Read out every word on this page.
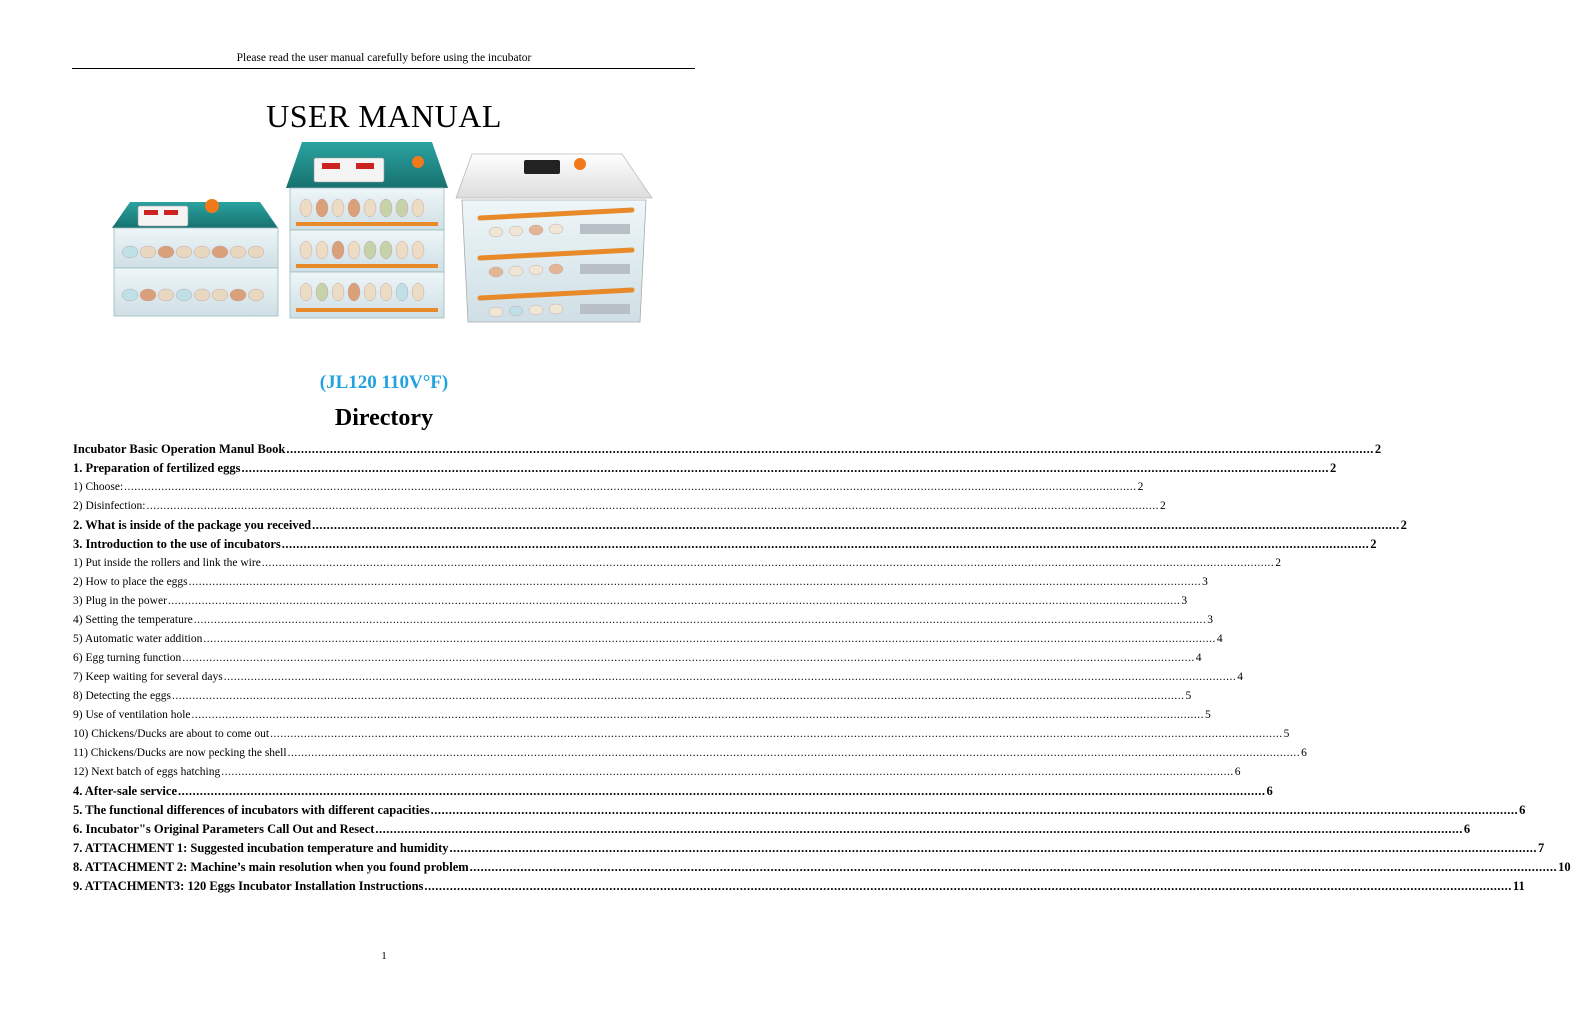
Please read the user manual carefully before using the incubator
USER MANUAL
(JL120 110V°F)
Directory
Incubator Basic Operation Manul Book ............................................................................................................................................................................................................................................................................................................ 2
1. Preparation of fertilized eggs ............................................................................................................................................................................................................................................................................................................ 2
1) Choose: ............................................................................................................................................................................................................................................................................................................ 2
2) Disinfection: ............................................................................................................................................................................................................................................................................................................ 2
2. What is inside of the package you received ............................................................................................................................................................................................................................................................................................................ 2
3. Introduction to the use of incubators ............................................................................................................................................................................................................................................................................................................ 2
1) Put inside the rollers and link the wire ............................................................................................................................................................................................................................................................................................................ 2
2) How to place the eggs ............................................................................................................................................................................................................................................................................................................ 3
3) Plug in the power ............................................................................................................................................................................................................................................................................................................ 3
4) Setting the temperature ............................................................................................................................................................................................................................................................................................................ 3
5) Automatic water addition ............................................................................................................................................................................................................................................................................................................ 4
6) Egg turning function ............................................................................................................................................................................................................................................................................................................ 4
7) Keep waiting for several days ............................................................................................................................................................................................................................................................................................................ 4
8) Detecting the eggs ............................................................................................................................................................................................................................................................................................................ 5
9) Use of ventilation hole ............................................................................................................................................................................................................................................................................................................ 5
10) Chickens/Ducks are about to come out ............................................................................................................................................................................................................................................................................................................ 5
11) Chickens/Ducks are now pecking the shell ............................................................................................................................................................................................................................................................................................................ 6
12) Next batch of eggs hatching ............................................................................................................................................................................................................................................................................................................ 6
4. After-sale service ............................................................................................................................................................................................................................................................................................................ 6
5. The functional differences of incubators with different capacities ............................................................................................................................................................................................................................................................................................................ 6
6. Incubator"s Original Parameters Call Out and Resect ............................................................................................................................................................................................................................................................................................................ 6
7. ATTACHMENT 1: Suggested incubation temperature and humidity ............................................................................................................................................................................................................................................................................................................ 7
8. ATTACHMENT 2: Machine’s main resolution when you found problem ............................................................................................................................................................................................................................................................................................................ 10
9. ATTACHMENT3: 120 Eggs Incubator Installation Instructions ............................................................................................................................................................................................................................................................................................................ 11
1
